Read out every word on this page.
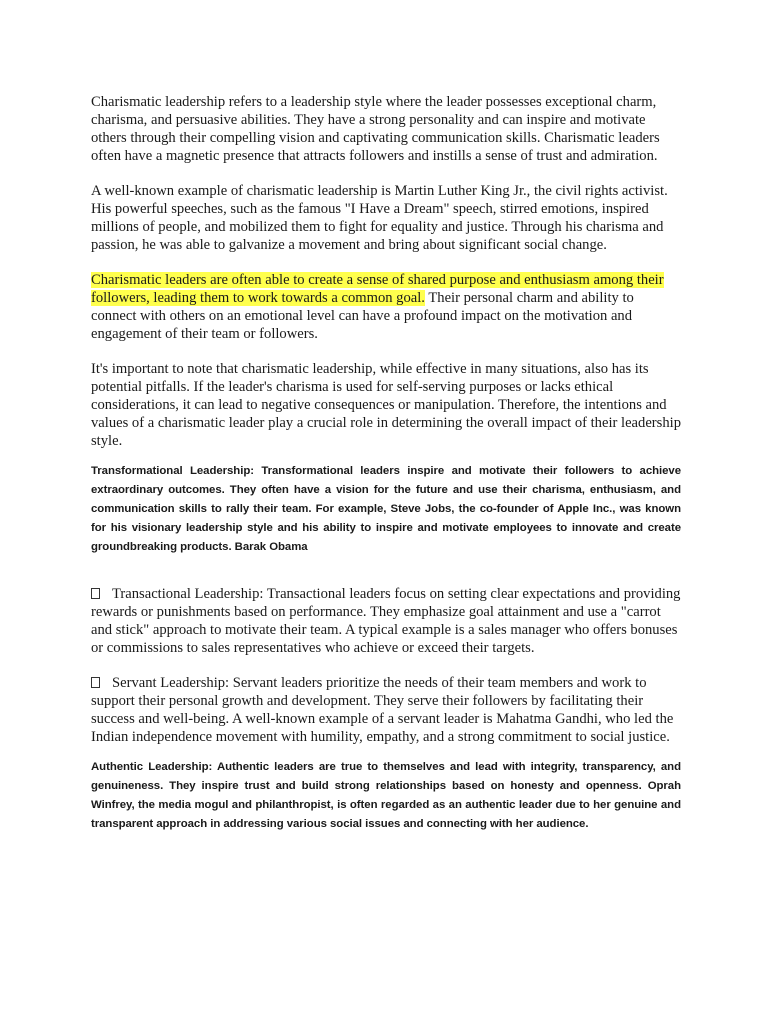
Charismatic leadership refers to a leadership style where the leader possesses exceptional charm, charisma, and persuasive abilities. They have a strong personality and can inspire and motivate others through their compelling vision and captivating communication skills. Charismatic leaders often have a magnetic presence that attracts followers and instills a sense of trust and admiration.

A well-known example of charismatic leadership is Martin Luther King Jr., the civil rights activist. His powerful speeches, such as the famous "I Have a Dream" speech, stirred emotions, inspired millions of people, and mobilized them to fight for equality and justice. Through his charisma and passion, he was able to galvanize a movement and bring about significant social change.

Charismatic leaders are often able to create a sense of shared purpose and enthusiasm among their followers, leading them to work towards a common goal. Their personal charm and ability to connect with others on an emotional level can have a profound impact on the motivation and engagement of their team or followers.

It's important to note that charismatic leadership, while effective in many situations, also has its potential pitfalls. If the leader's charisma is used for self-serving purposes or lacks ethical considerations, it can lead to negative consequences or manipulation. Therefore, the intentions and values of a charismatic leader play a crucial role in determining the overall impact of their leadership style.

Transformational Leadership: Transformational leaders inspire and motivate their followers to achieve extraordinary outcomes. They often have a vision for the future and use their charisma, enthusiasm, and communication skills to rally their team. For example, Steve Jobs, the co-founder of Apple Inc., was known for his visionary leadership style and his ability to inspire and motivate employees to innovate and create groundbreaking products. Barak Obama

Transactional Leadership: Transactional leaders focus on setting clear expectations and providing rewards or punishments based on performance. They emphasize goal attainment and use a "carrot and stick" approach to motivate their team. A typical example is a sales manager who offers bonuses or commissions to sales representatives who achieve or exceed their targets.

Servant Leadership: Servant leaders prioritize the needs of their team members and work to support their personal growth and development. They serve their followers by facilitating their success and well-being. A well-known example of a servant leader is Mahatma Gandhi, who led the Indian independence movement with humility, empathy, and a strong commitment to social justice.

Authentic Leadership: Authentic leaders are true to themselves and lead with integrity, transparency, and genuineness. They inspire trust and build strong relationships based on honesty and openness. Oprah Winfrey, the media mogul and philanthropist, is often regarded as an authentic leader due to her genuine and transparent approach in addressing various social issues and connecting with her audience.
